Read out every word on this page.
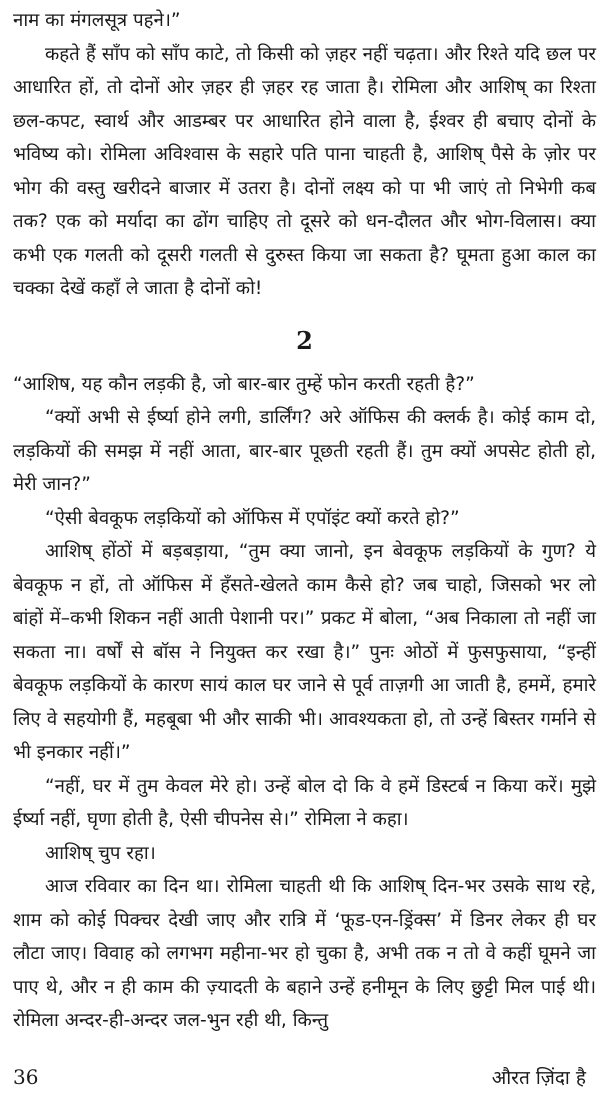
नाम का मंगलसूत्र पहने।”

कहते हैं साँप को साँप काटे, तो किसी को ज़हर नहीं चढ़ता। और रिश्ते यदि छल पर आधारित हों, तो दोनों ओर ज़हर ही ज़हर रह जाता है। रोमिला और आशिष् का रिश्ता छल-कपट, स्वार्थ और आडम्बर पर आधारित होने वाला है, ईश्वर ही बचाए दोनों के भविष्य को। रोमिला अविश्वास के सहारे पति पाना चाहती है, आशिष् पैसे के ज़ोर पर भोग की वस्तु खरीदने बाजार में उतरा है। दोनों लक्ष्य को पा भी जाएं तो निभेगी कब तक? एक को मर्यादा का ढोंग चाहिए तो दूसरे को धन-दौलत और भोग-विलास। क्या कभी एक गलती को दूसरी गलती से दुरुस्त किया जा सकता है? घूमता हुआ काल का चक्का देखें कहाँ ले जाता है दोनों को!

2

“आशिष, यह कौन लड़की है, जो बार-बार तुम्हें फोन करती रहती है?”

“क्यों अभी से ईर्ष्या होने लगी, डार्लिंग? अरे ऑफिस की क्लर्क है। कोई काम दो, लड़कियों की समझ में नहीं आता, बार-बार पूछती रहती हैं। तुम क्यों अपसेट होती हो, मेरी जान?”

“ऐसी बेवकूफ लड़कियों को ऑफिस में एपॉइंट क्यों करते हो?”

आशिष् होंठों में बड़बड़ाया, “तुम क्या जानो, इन बेवकूफ लड़कियों के गुण? ये बेवकूफ न हों, तो ऑफिस में हँसते-खेलते काम कैसे हो? जब चाहो, जिसको भर लो बांहों में–कभी शिकन नहीं आती पेशानी पर।” प्रकट में बोला, “अब निकाला तो नहीं जा सकता ना। वर्षों से बॉस ने नियुक्त कर रखा है।” पुनः ओठों में फुसफुसाया, “इन्हीं बेवकूफ लड़कियों के कारण सायं काल घर जाने से पूर्व ताज़गी आ जाती है, हममें, हमारे लिए वे सहयोगी हैं, महबूबा भी और साकी भी। आवश्यकता हो, तो उन्हें बिस्तर गर्माने से भी इनकार नहीं।”

“नहीं, घर में तुम केवल मेरे हो। उन्हें बोल दो कि वे हमें डिस्टर्ब न किया करें। मुझे ईर्ष्या नहीं, घृणा होती है, ऐसी चीपनेस से।” रोमिला ने कहा।

आशिष् चुप रहा।

आज रविवार का दिन था। रोमिला चाहती थी कि आशिष् दिन-भर उसके साथ रहे, शाम को कोई पिक्चर देखी जाए और रात्रि में ‘फूड-एन-ड्रिंक्स’ में डिनर लेकर ही घर लौटा जाए। विवाह को लगभग महीना-भर हो चुका है, अभी तक न तो वे कहीं घूमने जा पाए थे, और न ही काम की ज़्यादती के बहाने उन्हें हनीमून के लिए छुट्टी मिल पाई थी। रोमिला अन्दर-ही-अन्दर जल-भुन रही थी, किन्तु

36	औरत ज़िंदा है
